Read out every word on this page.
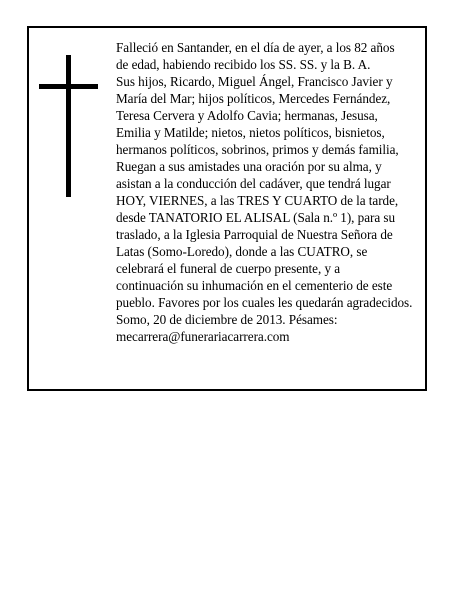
Falleció en Santander, en el día de ayer, a los 82 años
de edad, habiendo recibido los SS. SS. y la B. A.
Sus hijos, Ricardo, Miguel Ángel, Francisco Javier y
María del Mar; hijos políticos, Mercedes Fernández,
Teresa Cervera y Adolfo Cavia; hermanas, Jesusa,
Emilia y Matilde; nietos, nietos políticos, bisnietos,
hermanos políticos, sobrinos, primos y demás familia,
Ruegan a sus amistades una oración por su alma, y
asistan a la conducción del cadáver, que tendrá lugar
HOY, VIERNES, a las TRES Y CUARTO de la tarde,
desde TANATORIO EL ALISAL (Sala n.º 1), para su
traslado, a la Iglesia Parroquial de Nuestra Señora de
Latas (Somo-Loredo), donde a las CUATRO, se
celebrará el funeral de cuerpo presente, y a
continuación su inhumación en el cementerio de este
pueblo. Favores por los cuales les quedarán agradecidos.
Somo, 20 de diciembre de 2013. Pésames:
mecarrera@funerariacarrera.com
